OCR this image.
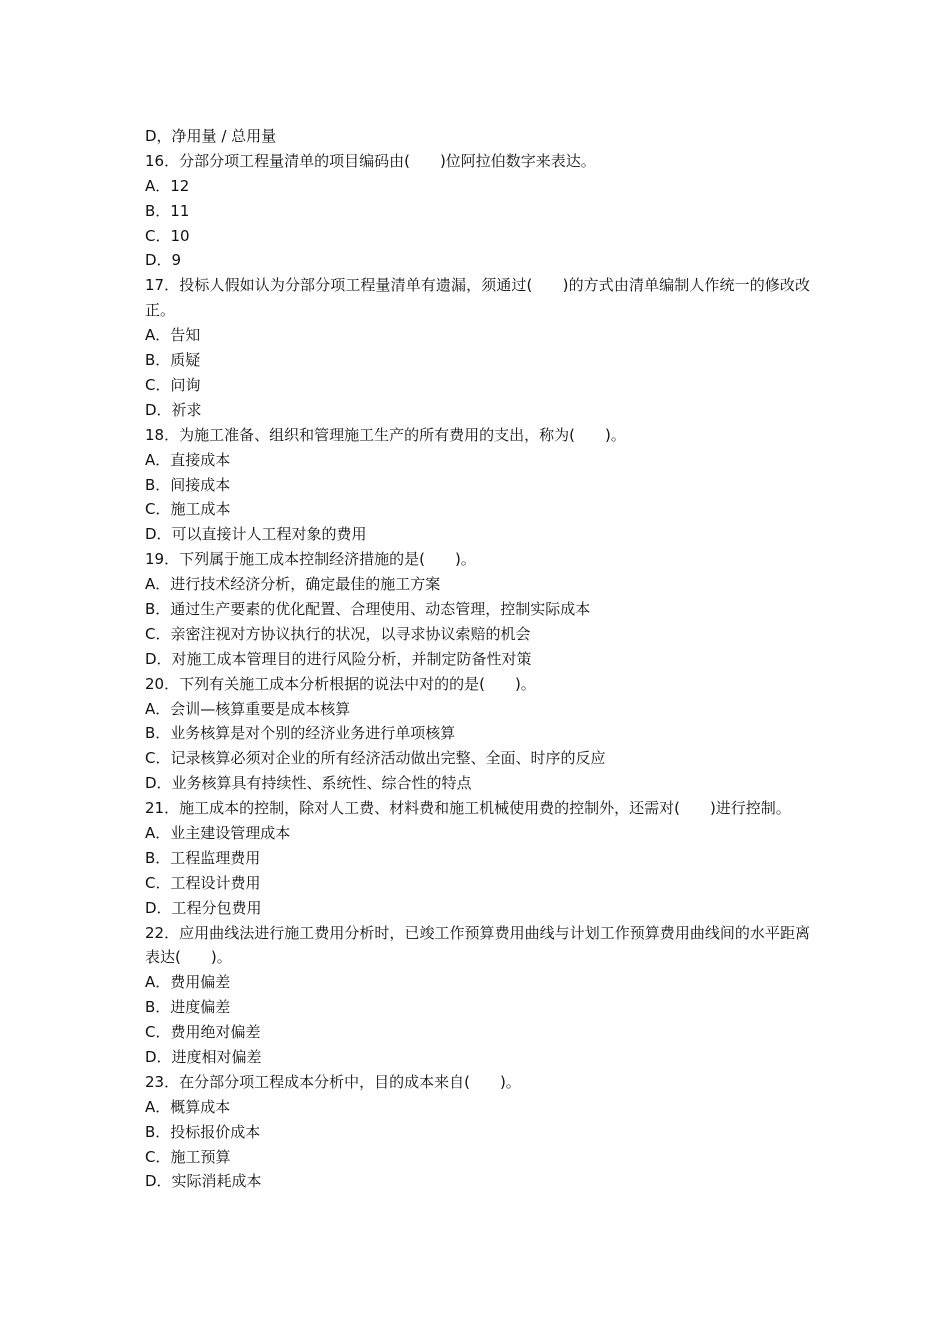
D，净用量 / 总用量
16．分部分项工程量清单的项目编码由(　　)位阿拉伯数字来表达。
A．12
B．11
C．10
D．9
17．投标人假如认为分部分项工程量清单有遗漏，须通过(　　)的方式由清单编制人作统一的修改改正。
A．告知
B．质疑
C．问询
D．祈求
18．为施工准备、组织和管理施工生产的所有费用的支出，称为(　　)。
A．直接成本
B．间接成本
C．施工成本
D．可以直接计人工程对象的费用
19．下列属于施工成本控制经济措施的是(　　)。
A．进行技术经济分析，确定最佳的施工方案
B．通过生产要素的优化配置、合理使用、动态管理，控制实际成本
C．亲密注视对方协议执行的状况，以寻求协议索赔的机会
D．对施工成本管理目的进行风险分析，并制定防备性对策
20．下列有关施工成本分析根据的说法中对的的是(　　)。
A．会训—核算重要是成本核算
B．业务核算是对个别的经济业务进行单项核算
C．记录核算必须对企业的所有经济活动做出完整、全面、时序的反应
D．业务核算具有持续性、系统性、综合性的特点
21．施工成本的控制，除对人工费、材料费和施工机械使用费的控制外，还需对(　　)进行控制。
A．业主建设管理成本
B．工程监理费用
C．工程设计费用
D．工程分包费用
22．应用曲线法进行施工费用分析时，已竣工作预算费用曲线与计划工作预算费用曲线间的水平距离表达(　　)。
A．费用偏差
B．进度偏差
C．费用绝对偏差
D．进度相对偏差
23．在分部分项工程成本分析中，目的成本来自(　　)。
A．概算成本
B．投标报价成本
C．施工预算
D．实际消耗成本
